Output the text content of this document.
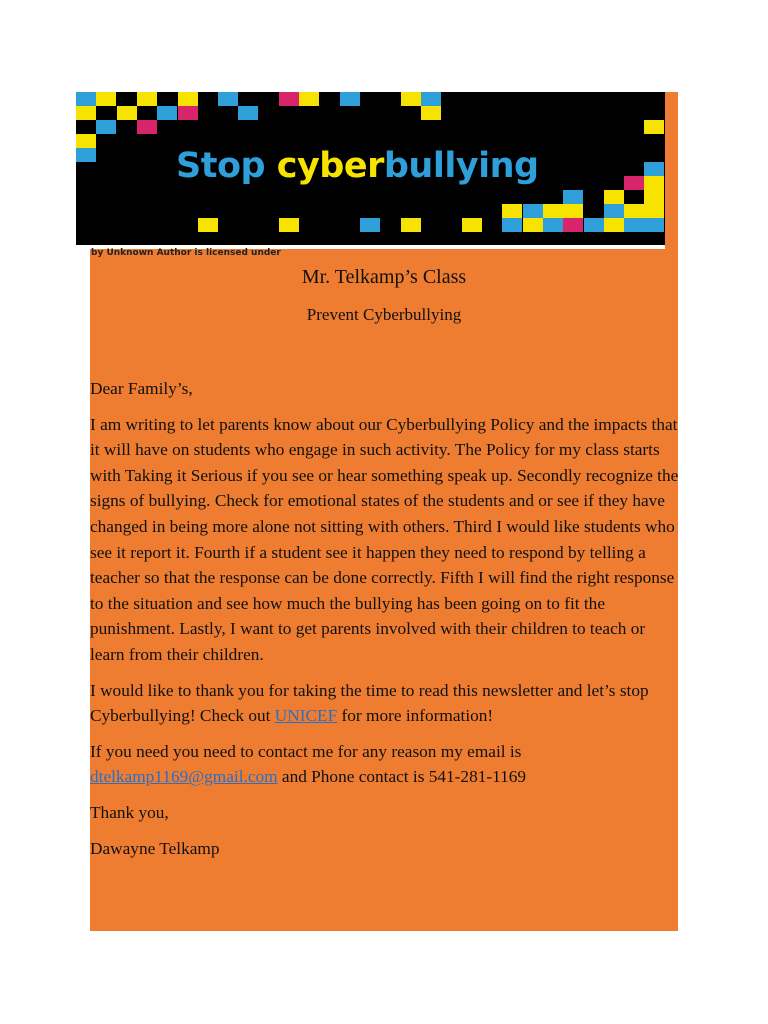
Stop cyberbullying
by Unknown Author is licensed under
Mr. Telkamp’s Class
Prevent Cyberbullying

Dear Family’s,

I am writing to let parents know about our Cyberbullying Policy and the impacts that it will have on students who engage in such activity. The Policy for my class starts with Taking it Serious if you see or hear something speak up. Secondly recognize the signs of bullying. Check for emotional states of the students and or see if they have changed in being more alone not sitting with others. Third I would like students who see it report it. Fourth if a student see it happen they need to respond by telling a teacher so that the response can be done correctly. Fifth I will find the right response to the situation and see how much the bullying has been going on to fit the punishment. Lastly, I want to get parents involved with their children to teach or learn from their children.

I would like to thank you for taking the time to read this newsletter and let’s stop Cyberbullying! Check out UNICEF for more information!

If you need you need to contact me for any reason my email is dtelkamp1169@gmail.com and Phone contact is 541-281-1169

Thank you,

Dawayne Telkamp
